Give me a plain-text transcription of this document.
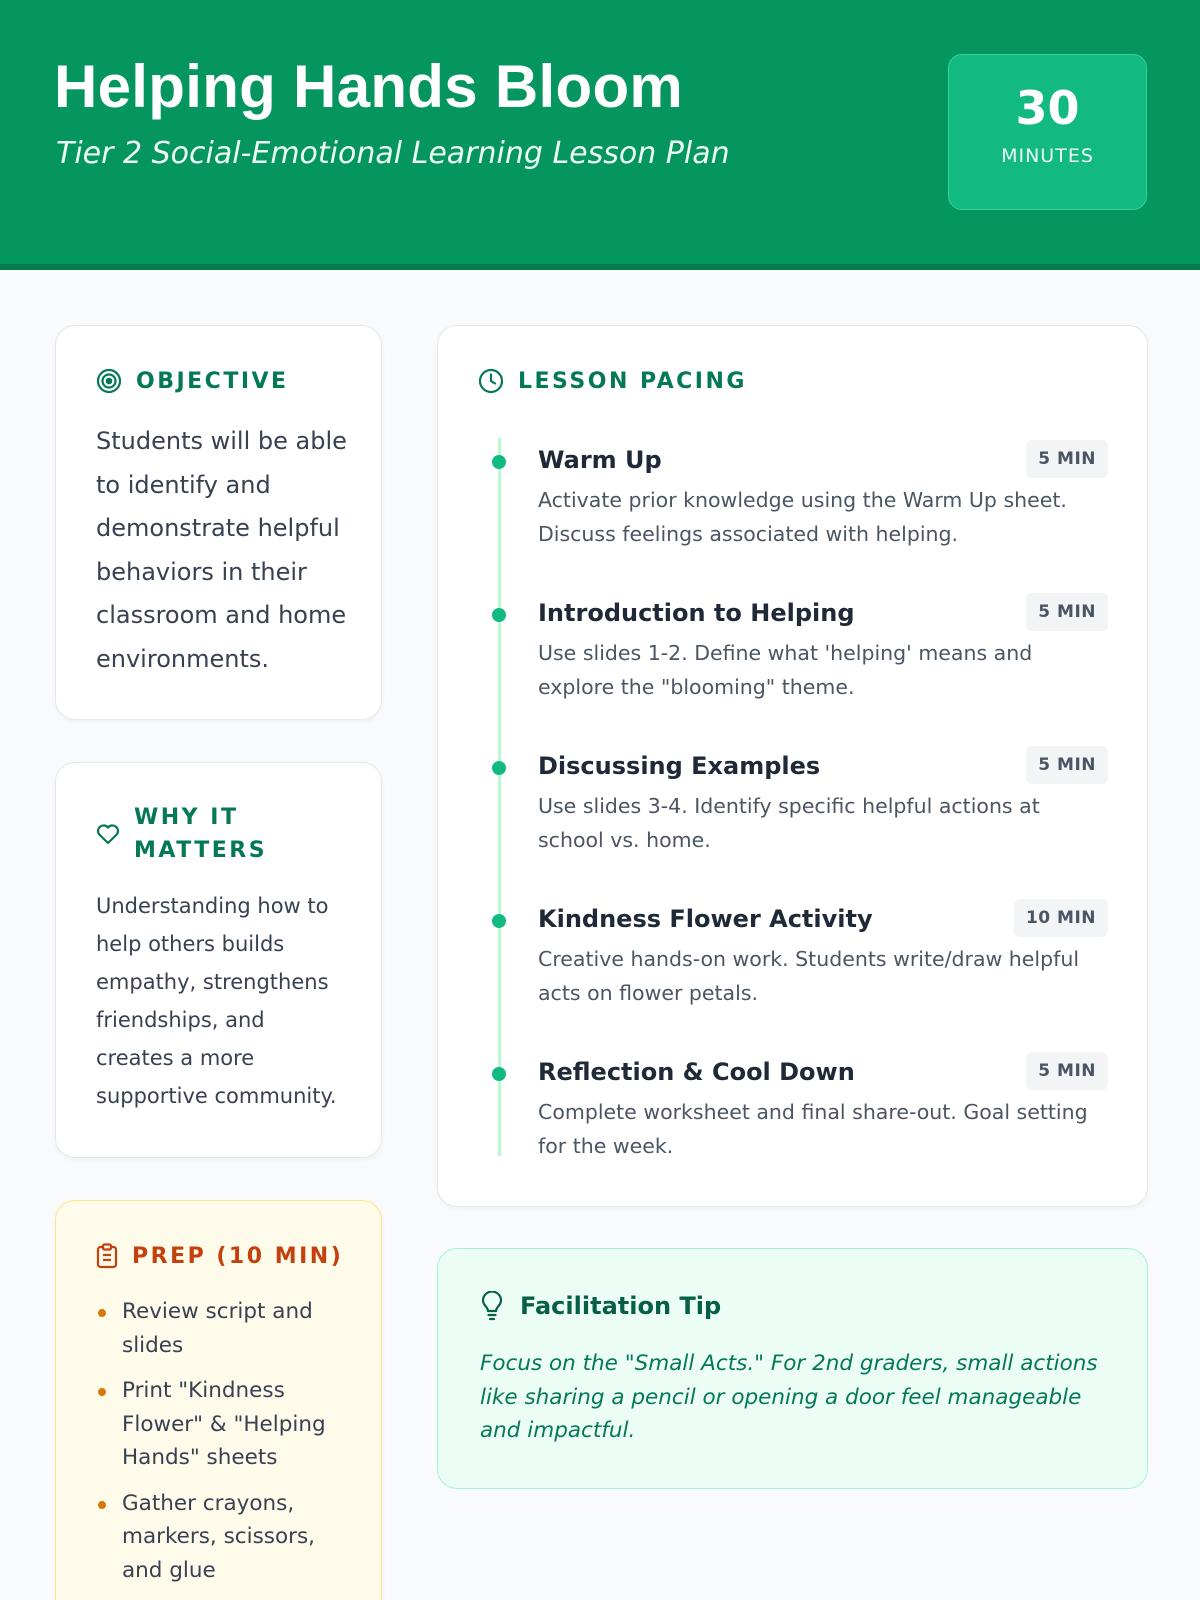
Helping Hands Bloom
Tier 2 Social-Emotional Learning Lesson Plan
30
MINUTES
OBJECTIVE

Students will be able to identify and demonstrate helpful behaviors in their classroom and home environments.

WHY IT
MATTERS

Understanding how to help others builds empathy, strengthens friendships, and creates a more supportive community.

PREP (10 MIN)
Review script and slides
Print "Kindness Flower" & "Helping Hands" sheets
Gather crayons, markers, scissors, and glue
LESSON PACING
Warm Up	5 MIN
Activate prior knowledge using the Warm Up sheet. Discuss feelings associated with helping.
Introduction to Helping	5 MIN
Use slides 1-2. Define what 'helping' means and explore the "blooming" theme.
Discussing Examples	5 MIN
Use slides 3-4. Identify specific helpful actions at school vs. home.
Kindness Flower Activity	10 MIN
Creative hands-on work. Students write/draw helpful acts on flower petals.
Reflection & Cool Down	5 MIN
Complete worksheet and final share-out. Goal setting for the week.
Facilitation Tip

Focus on the "Small Acts." For 2nd graders, small actions like sharing a pencil or opening a door feel manageable and impactful.
